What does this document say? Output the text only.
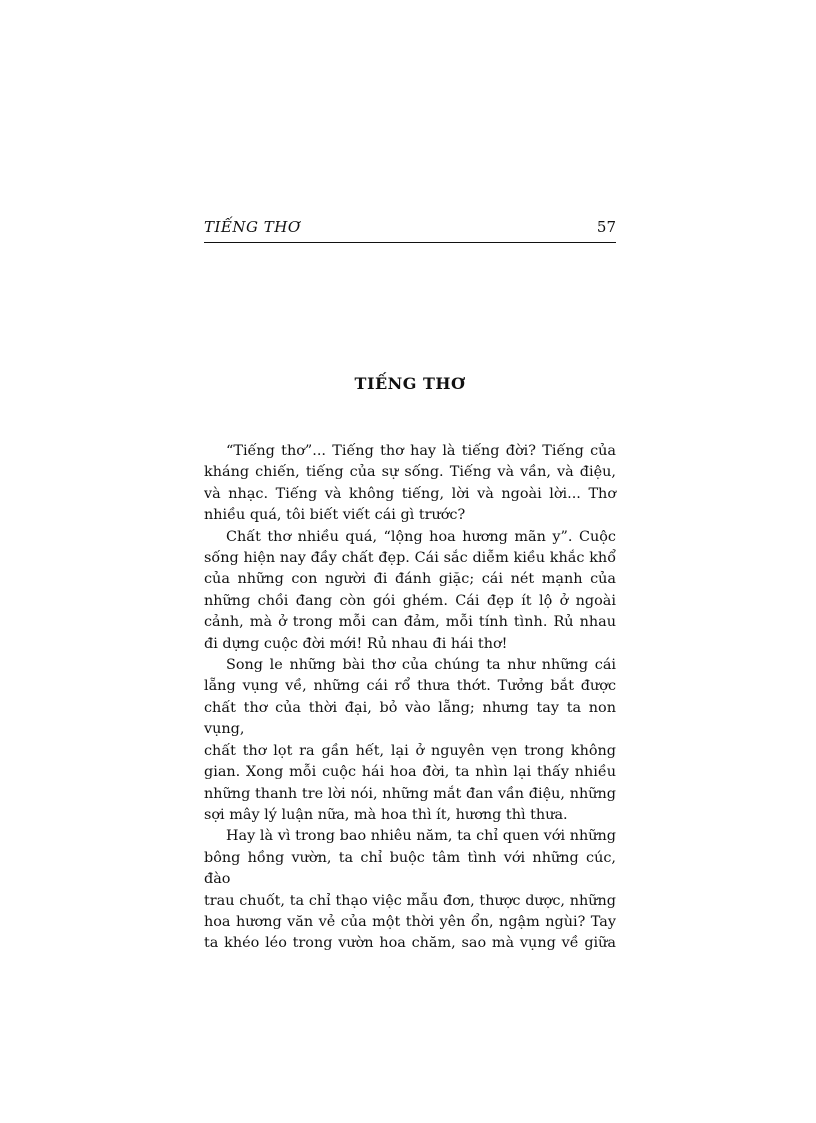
TIẾNG THƠ	57
TIẾNG THƠ
“Tiếng thơ”... Tiếng thơ hay là tiếng đời? Tiếng của
kháng chiến, tiếng của sự sống. Tiếng và vần, và điệu,
và nhạc. Tiếng và không tiếng, lời và ngoài lời... Thơ
nhiều quá, tôi biết viết cái gì trước?
Chất thơ nhiều quá, “lộng hoa hương mãn y”. Cuộc
sống hiện nay đầy chất đẹp. Cái sắc diễm kiều khắc khổ
của những con người đi đánh giặc; cái nét mạnh của
những chồi đang còn gói ghém. Cái đẹp ít lộ ở ngoài
cảnh, mà ở trong mỗi can đảm, mỗi tính tình. Rủ nhau
đi dựng cuộc đời mới! Rủ nhau đi hái thơ!
Song le những bài thơ của chúng ta như những cái
lẵng vụng về, những cái rổ thưa thớt. Tưởng bắt được
chất thơ của thời đại, bỏ vào lẵng; nhưng tay ta non vụng,
chất thơ lọt ra gần hết, lại ở nguyên vẹn trong không
gian. Xong mỗi cuộc hái hoa đời, ta nhìn lại thấy nhiều
những thanh tre lời nói, những mắt đan vần điệu, những
sợi mây lý luận nữa, mà hoa thì ít, hương thì thưa.
Hay là vì trong bao nhiêu năm, ta chỉ quen với những
bông hồng vườn, ta chỉ buộc tâm tình với những cúc, đào
trau chuốt, ta chỉ thạo việc mẫu đơn, thược dược, những
hoa hương văn vẻ của một thời yên ổn, ngậm ngùi? Tay
ta khéo léo trong vườn hoa chăm, sao mà vụng về giữa
